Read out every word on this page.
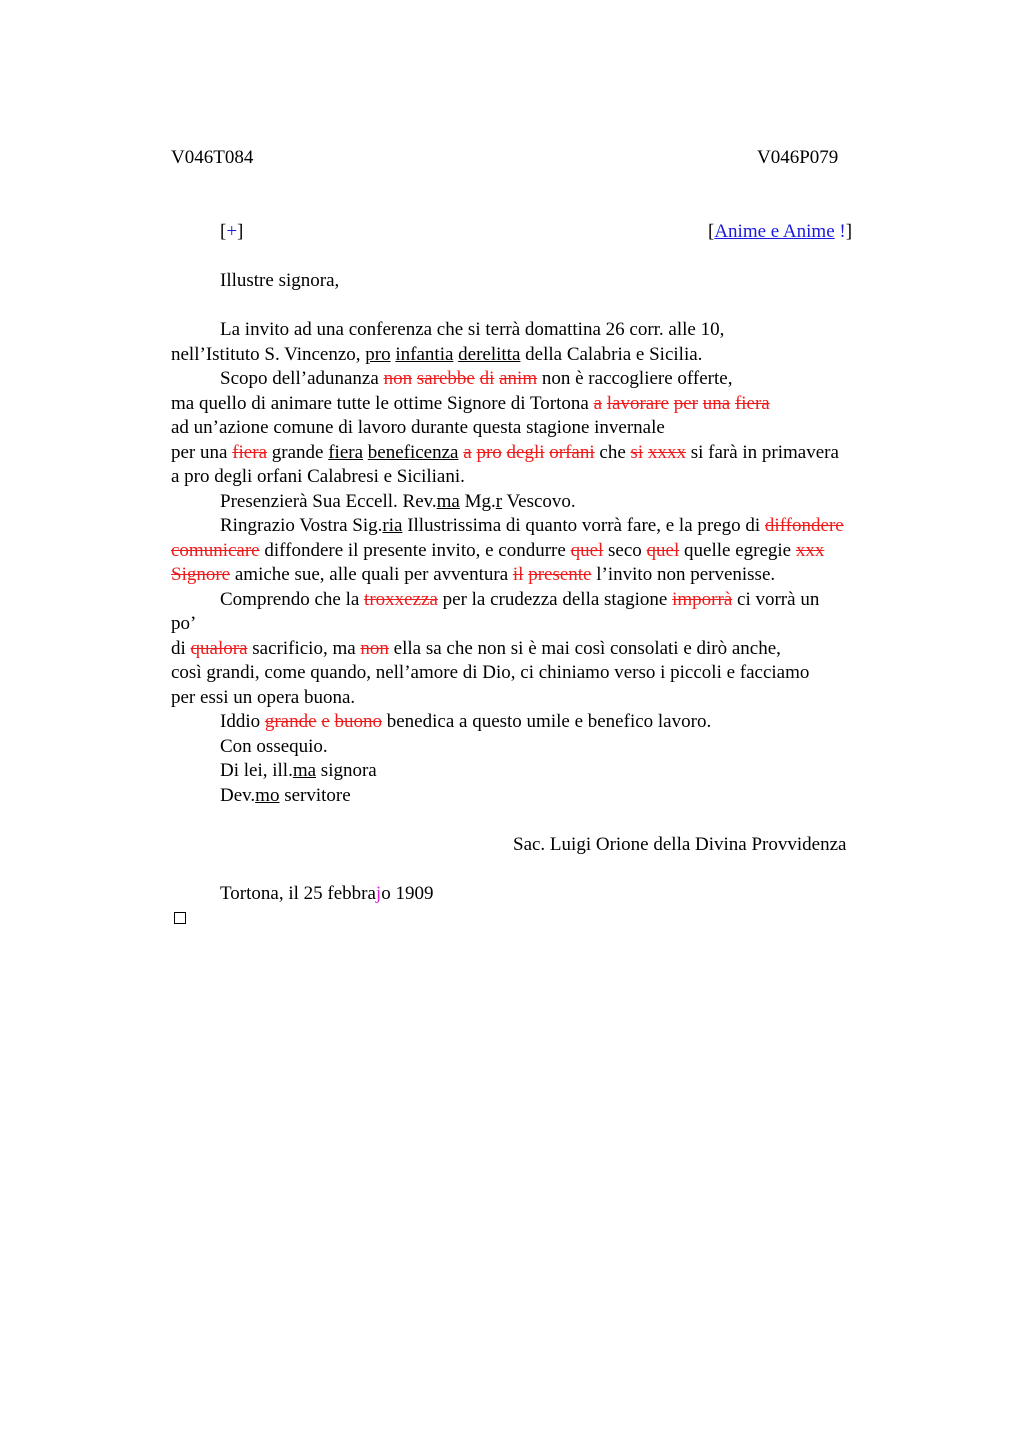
V046T084	V046P079
[+]	[Anime e Anime !]
Illustre signora,
La invito ad una conferenza che si terrà domattina 26 corr. alle 10,
nell’Istituto S. Vincenzo, pro infantia derelitta della Calabria e Sicilia.
Scopo dell’adunanza non sarebbe di anim non è raccogliere offerte,
ma quello di animare tutte le ottime Signore di Tortona a lavorare per una fiera
ad un’azione comune di lavoro durante questa stagione invernale
per una fiera grande fiera beneficenza a pro degli orfani che si xxxx si farà in primavera
a pro degli orfani Calabresi e Siciliani.
Presenzierà Sua Eccell. Rev.ma Mg.r Vescovo.
Ringrazio Vostra Sig.ria Illustrissima di quanto vorrà fare, e la prego di diffondere
comunicare diffondere il presente invito, e condurre quel seco quel quelle egregie xxx
Signore amiche sue, alle quali per avventura il presente l’invito non pervenisse.
Comprendo che la troxxezza per la crudezza della stagione imporrà ci vorrà un
po’
di qualora sacrificio, ma non ella sa che non si è mai così consolati e dirò anche,
così grandi, come quando, nell’amore di Dio, ci chiniamo verso i piccoli e facciamo
per essi un opera buona.
Iddio grande e buono benedica a questo umile e benefico lavoro.
Con ossequio.
Di lei, ill.ma signora
Dev.mo servitore
Sac. Luigi Orione della Divina Provvidenza
Tortona, il 25 febbrajo 1909
